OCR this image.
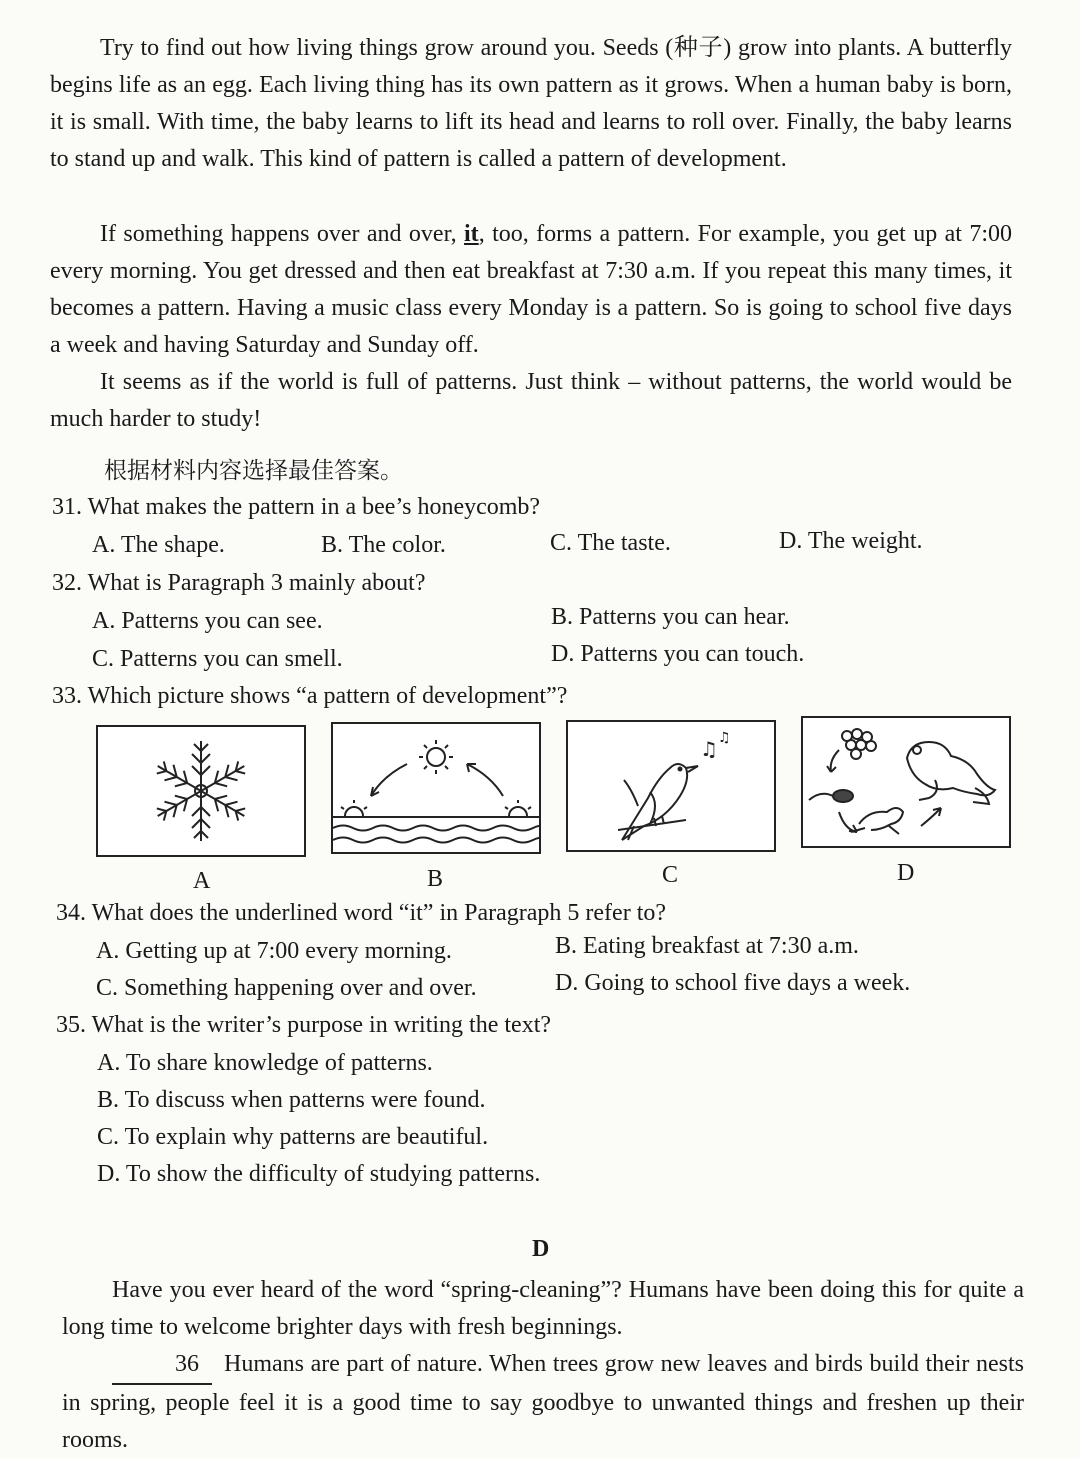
Try to find out how living things grow around you. Seeds (种子) grow into plants. A butterfly begins life as an egg. Each living thing has its own pattern as it grows. When a human baby is born, it is small. With time, the baby learns to lift its head and learns to roll over. Finally, the baby learns to stand up and walk. This kind of pattern is called a pattern of development.

If something happens over and over, it, too, forms a pattern. For example, you get up at 7:00 every morning. You get dressed and then eat breakfast at 7:30 a.m. If you repeat this many times, it becomes a pattern. Having a music class every Monday is a pattern. So is going to school five days a week and having Saturday and Sunday off.

It seems as if the world is full of patterns. Just think – without patterns, the world would be much harder to study!

根据材料内容选择最佳答案。
31. What makes the pattern in a bee’s honeycomb?
A. The shape.	B. The color.	C. The taste.	D. The weight.
32. What is Paragraph 3 mainly about?
A. Patterns you can see.	B. Patterns you can hear.
C. Patterns you can smell.	D. Patterns you can touch.
33. Which picture shows “a pattern of development”?
A	B
♫ ♫
C	D
34. What does the underlined word “it” in Paragraph 5 refer to?
A. Getting up at 7:00 every morning.	B. Eating breakfast at 7:30 a.m.
C. Something happening over and over.	D. Going to school five days a week.
35. What is the writer’s purpose in writing the text?
A. To share knowledge of patterns.
B. To discuss when patterns were found.
C. To explain why patterns are beautiful.
D. To show the difficulty of studying patterns.
D

Have you ever heard of the word “spring-cleaning”? Humans have been doing this for quite a long time to welcome brighter days with fresh beginnings.

36 Humans are part of nature. When trees grow new leaves and birds build their nests in spring, people feel it is a good time to say goodbye to unwanted things and freshen up their rooms.
